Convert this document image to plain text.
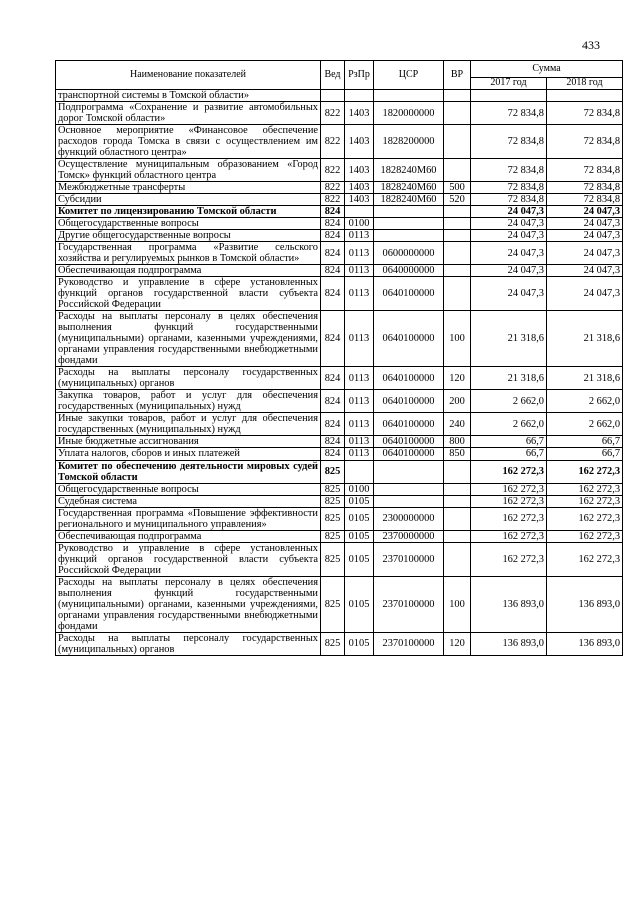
433
Наименование показателей	Вед	РзПр	ЦСР	ВР	Сумма	
					2017 год	2018 год
транспортной системы в Томской области»						
Подпрограмма «Сохранение и развитие автомобильных дорог Томской области»	822	1403	1820000000		72 834,8	72 834,8
Основное мероприятие «Финансовое обеспечение расходов города Томска в связи с осуществлением им функций областного центра»	822	1403	1828200000		72 834,8	72 834,8
Осуществление муниципальным образованием «Город Томск» функций областного центра	822	1403	1828240М60		72 834,8	72 834,8
Межбюджетные трансферты	822	1403	1828240М60	500	72 834,8	72 834,8
Субсидии	822	1403	1828240М60	520	72 834,8	72 834,8
Комитет по лицензированию Томской области	824				24 047,3	24 047,3
Общегосударственные вопросы	824	0100			24 047,3	24 047,3
Другие общегосударственные вопросы	824	0113			24 047,3	24 047,3
Государственная программа «Развитие сельского хозяйства и регулируемых рынков в Томской области»	824	0113	0600000000		24 047,3	24 047,3
Обеспечивающая подпрограмма	824	0113	0640000000		24 047,3	24 047,3
Руководство и управление в сфере установленных функций органов государственной власти субъекта Российской Федерации	824	0113	0640100000		24 047,3	24 047,3
Расходы на выплаты персоналу в целях обеспечения выполнения функций государственными (муниципальными) органами, казенными учреждениями, органами управления государственными внебюджетными фондами	824	0113	0640100000	100	21 318,6	21 318,6
Расходы на выплаты персоналу государственных (муниципальных) органов	824	0113	0640100000	120	21 318,6	21 318,6
Закупка товаров, работ и услуг для обеспечения государственных (муниципальных) нужд	824	0113	0640100000	200	2 662,0	2 662,0
Иные закупки товаров, работ и услуг для обеспечения государственных (муниципальных) нужд	824	0113	0640100000	240	2 662,0	2 662,0
Иные бюджетные ассигнования	824	0113	0640100000	800	66,7	66,7
Уплата налогов, сборов и иных платежей	824	0113	0640100000	850	66,7	66,7
Комитет по обеспечению деятельности мировых судей Томской области	825				162 272,3	162 272,3
Общегосударственные вопросы	825	0100			162 272,3	162 272,3
Судебная система	825	0105			162 272,3	162 272,3
Государственная программа «Повышение эффективности регионального и муниципального управления»	825	0105	2300000000		162 272,3	162 272,3
Обеспечивающая подпрограмма	825	0105	2370000000		162 272,3	162 272,3
Руководство и управление в сфере установленных функций органов государственной власти субъекта Российской Федерации	825	0105	2370100000		162 272,3	162 272,3
Расходы на выплаты персоналу в целях обеспечения выполнения функций государственными (муниципальными) органами, казенными учреждениями, органами управления государственными внебюджетными фондами	825	0105	2370100000	100	136 893,0	136 893,0
Расходы на выплаты персоналу государственных (муниципальных) органов	825	0105	2370100000	120	136 893,0	136 893,0
